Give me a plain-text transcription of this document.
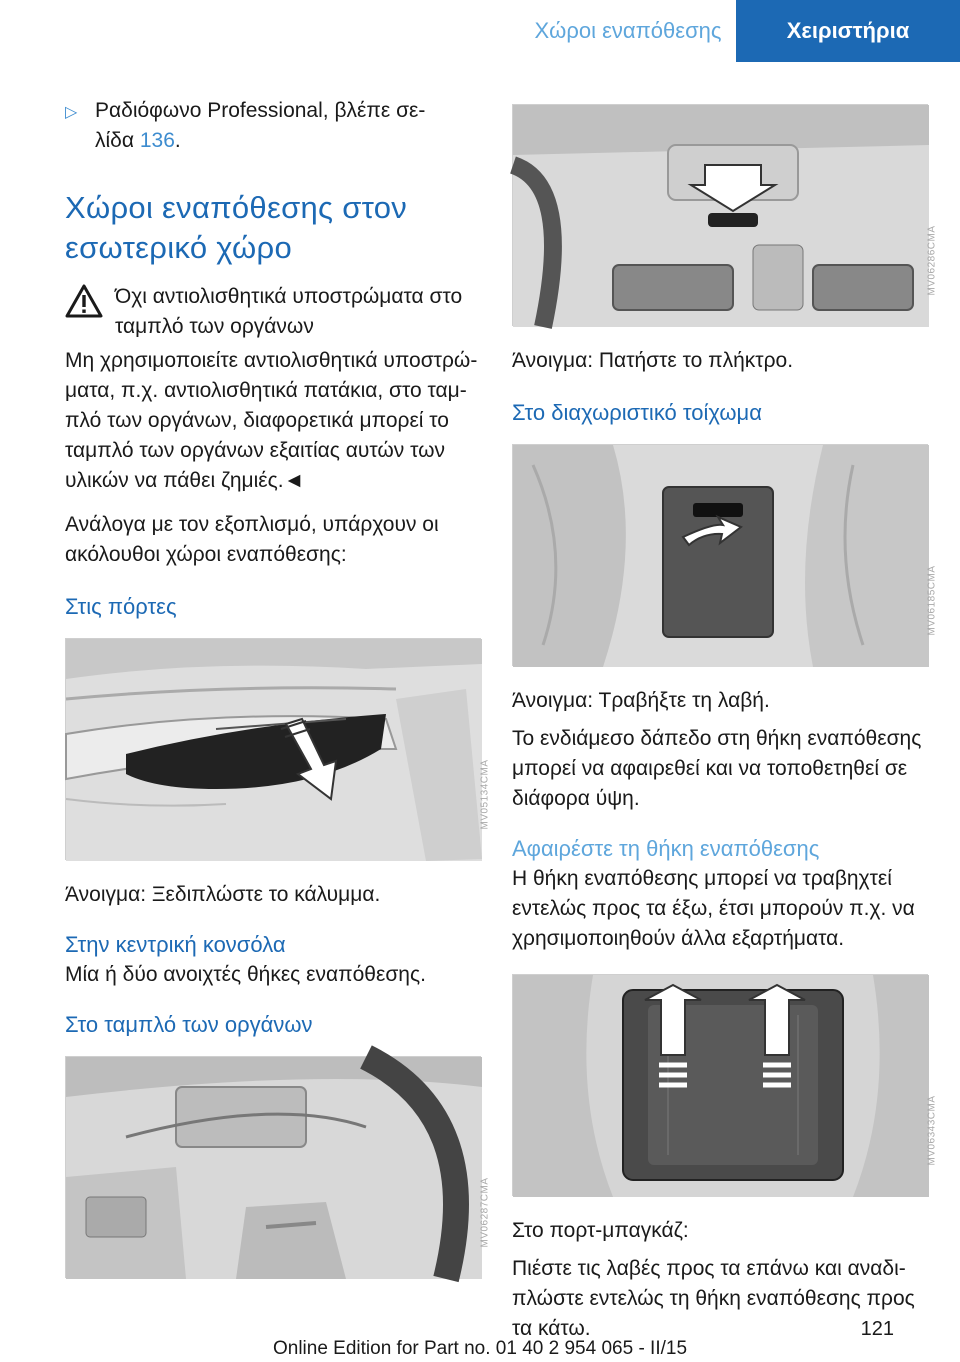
Χώροι εναπόθεσης	Χειριστήρια
▷ Ραδιόφωνο Professional, βλέπε σε-
λίδα 136.
Χώροι εναπόθεσης στον
εσωτερικό χώρο
Όχι αντιολισθητικά υποστρώματα στο ταμπλό των οργάνων

Μη χρησιμοποιείτε αντιολισθητικά υποστρώματα, π.χ. αντιολισθητικά πατάκια, στο ταμπλό των οργάνων, διαφορετικά μπορεί το ταμπλό των οργάνων εξαιτίας αυτών των υλικών να πάθει ζημιές.◄

Ανάλογα με τον εξοπλισμό, υπάρχουν οι ακόλουθοι χώροι εναπόθεσης:

Στις πόρτες
MV05134CMA

Άνοιγμα: Ξεδιπλώστε το κάλυμμα.

Στην κεντρική κονσόλα

Μία ή δύο ανοιχτές θήκες εναπόθεσης.

Στο ταμπλό των οργάνων
MV06287CMA
MV06286CMA

Άνοιγμα: Πατήστε το πλήκτρο.

Στο διαχωριστικό τοίχωμα
MV06185CMA

Άνοιγμα: Τραβήξτε τη λαβή.

Το ενδιάμεσο δάπεδο στη θήκη εναπόθεσης μπορεί να αφαιρεθεί και να τοποθετηθεί σε διάφορα ύψη.

Αφαιρέστε τη θήκη εναπόθεσης

Η θήκη εναπόθεσης μπορεί να τραβηχτεί εντελώς προς τα έξω, έτσι μπορούν π.χ. να χρησιμοποιηθούν άλλα εξαρτήματα.

MV06343CMA

Στο πορτ-μπαγκάζ:

Πιέστε τις λαβές προς τα επάνω και αναδιπλώστε εντελώς τη θήκη εναπόθεσης προς τα κάτω.	121
Online Edition for Part no. 01 40 2 954 065 - II/15
